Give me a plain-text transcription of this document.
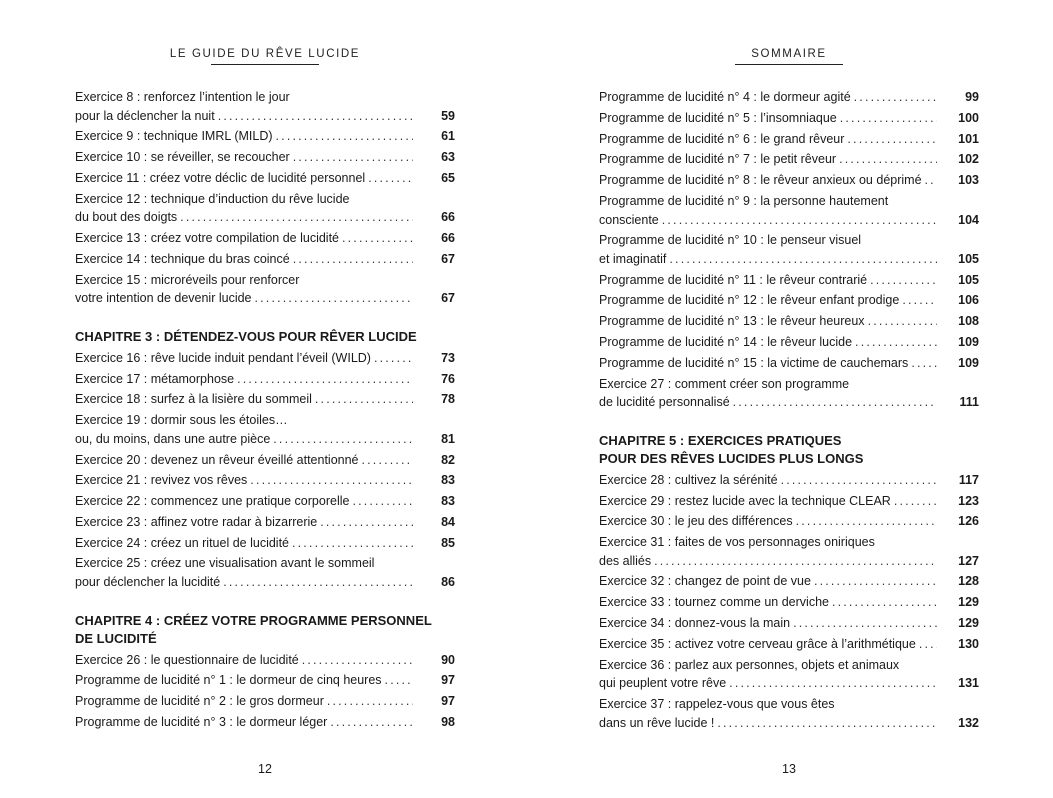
LE GUIDE DU RÊVE LUCIDE
Exercice 8 : renforcez l’intention le jour
pour la déclencher la nuit . . .	59
Exercice 9 : technique IMRL (MILD) . . .	61
Exercice 10 : se réveiller, se recoucher . . .	63
Exercice 11 : créez votre déclic de lucidité personnel . . .	65
Exercice 12 : technique d’induction du rêve lucide
du bout des doigts . . .	66
Exercice 13 : créez votre compilation de lucidité . . .	66
Exercice 14 : technique du bras coincé . . .	67
Exercice 15 : microréveils pour renforcer
votre intention de devenir lucide . . .	67
CHAPITRE 3 : DÉTENDEZ-VOUS POUR RÊVER LUCIDE
Exercice 16 : rêve lucide induit pendant l’éveil (WILD) . . .	73
Exercice 17 : métamorphose . . .	76
Exercice 18 : surfez à la lisière du sommeil . . .	78
Exercice 19 : dormir sous les étoiles…
ou, du moins, dans une autre pièce . . .	81
Exercice 20 : devenez un rêveur éveillé attentionné . . .	82
Exercice 21 : revivez vos rêves . . .	83
Exercice 22 : commencez une pratique corporelle . . .	83
Exercice 23 : affinez votre radar à bizarrerie . . .	84
Exercice 24 : créez un rituel de lucidité . . .	85
Exercice 25 : créez une visualisation avant le sommeil
pour déclencher la lucidité . . .	86
CHAPITRE 4 : CRÉEZ VOTRE PROGRAMME PERSONNEL
DE LUCIDITÉ
Exercice 26 : le questionnaire de lucidité . . .	90
Programme de lucidité n° 1 : le dormeur de cinq heures . . .	97
Programme de lucidité n° 2 : le gros dormeur . . .	97
Programme de lucidité n° 3 : le dormeur léger . . .	98
12
SOMMAIRE
Programme de lucidité n° 4 : le dormeur agité . . .	99
Programme de lucidité n° 5 : l’insomniaque . . .	100
Programme de lucidité n° 6 : le grand rêveur . . .	101
Programme de lucidité n° 7 : le petit rêveur . . .	102
Programme de lucidité n° 8 : le rêveur anxieux ou déprimé . . .	103
Programme de lucidité n° 9 : la personne hautement
consciente . . .	104
Programme de lucidité n° 10 : le penseur visuel
et imaginatif . . .	105
Programme de lucidité n° 11 : le rêveur contrarié . . .	105
Programme de lucidité n° 12 : le rêveur enfant prodige . . .	106
Programme de lucidité n° 13 : le rêveur heureux . . .	108
Programme de lucidité n° 14 : le rêveur lucide . . .	109
Programme de lucidité n° 15 : la victime de cauchemars . . .	109
Exercice 27 : comment créer son programme
de lucidité personnalisé . . .	111
CHAPITRE 5 : EXERCICES PRATIQUES
POUR DES RÊVES LUCIDES PLUS LONGS
Exercice 28 : cultivez la sérénité . . .	117
Exercice 29 : restez lucide avec la technique CLEAR . . .	123
Exercice 30 : le jeu des différences . . .	126
Exercice 31 : faites de vos personnages oniriques
des alliés . . .	127
Exercice 32 : changez de point de vue . . .	128
Exercice 33 : tournez comme un derviche . . .	129
Exercice 34 : donnez-vous la main . . .	129
Exercice 35 : activez votre cerveau grâce à l’arithmétique . . .	130
Exercice 36 : parlez aux personnes, objets et animaux
qui peuplent votre rêve . . .	131
Exercice 37 : rappelez-vous que vous êtes
dans un rêve lucide ! . . .	132
13
